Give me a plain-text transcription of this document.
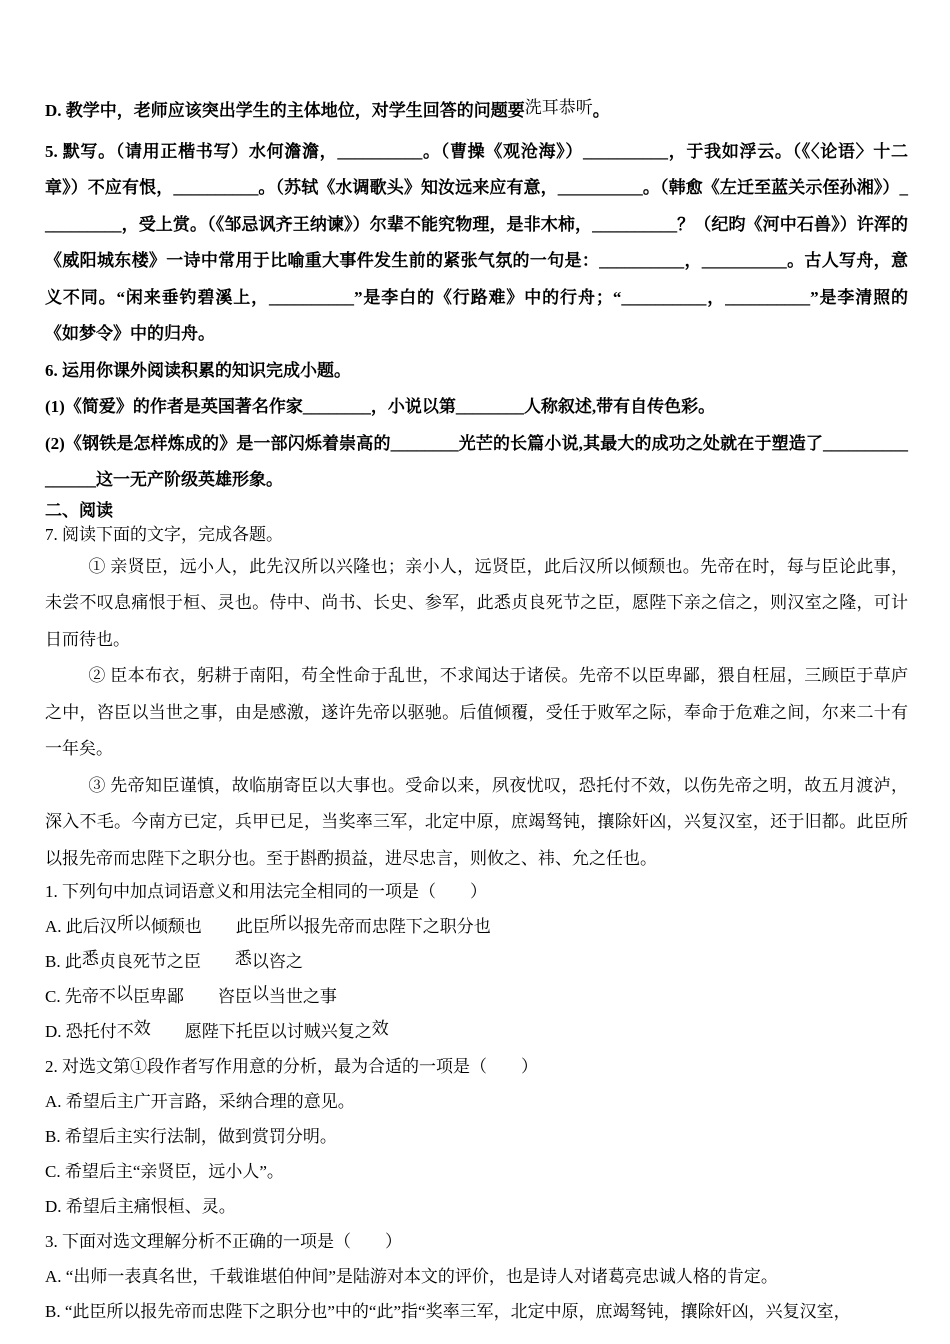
D. 教学中，老师应该突出学生的主体地位，对学生回答的问题要洗耳恭听。

5. 默写。（请用正楷书写）水何澹澹，__________。（曹操《观沧海》）__________，于我如浮云。（《〈论语〉十二章》）不应有恨，__________。（苏轼《水调歌头》知汝远来应有意，__________。（韩愈《左迁至蓝关示侄孙湘》）__________，受上赏。（《邹忌讽齐王纳谏》）尔辈不能究物理，是非木柿，__________？（纪昀《河中石兽》）许浑的《威阳城东楼》一诗中常用于比喻重大事件发生前的紧张气氛的一句是：__________，__________。古人写舟，意义不同。“闲来垂钓碧溪上，__________”是李白的《行路难》中的行舟；“__________，__________”是李清照的《如梦令》中的归舟。

6. 运用你课外阅读积累的知识完成小题。

(1)《简爱》的作者是英国著名作家________，小说以第________人称叙述,带有自传色彩。

(2)《钢铁是怎样炼成的》是一部闪烁着崇高的________光芒的长篇小说,其最大的成功之处就在于塑造了________________这一无产阶级英雄形象。

二、阅读

7. 阅读下面的文字，完成各题。

① 亲贤臣，远小人，此先汉所以兴隆也；亲小人，远贤臣，此后汉所以倾颓也。先帝在时，每与臣论此事，未尝不叹息痛恨于桓、灵也。侍中、尚书、长史、参军，此悉贞良死节之臣，愿陛下亲之信之，则汉室之隆，可计日而待也。

② 臣本布衣，躬耕于南阳，苟全性命于乱世，不求闻达于诸侯。先帝不以臣卑鄙，猥自枉屈，三顾臣于草庐之中，咨臣以当世之事，由是感激，遂许先帝以驱驰。后值倾覆，受任于败军之际，奉命于危难之间，尔来二十有一年矣。

③ 先帝知臣谨慎，故临崩寄臣以大事也。受命以来，夙夜忧叹，恐托付不效，以伤先帝之明，故五月渡泸，深入不毛。今南方已定，兵甲已足，当奖率三军，北定中原，庶竭驽钝，攘除奸凶，兴复汉室，还于旧都。此臣所以报先帝而忠陛下之职分也。至于斟酌损益，进尽忠言，则攸之、祎、允之任也。

1. 下列句中加点词语意义和用法完全相同的一项是（　　）

A. 此后汉所以倾颓也　　此臣所以报先帝而忠陛下之职分也

B. 此悉贞良死节之臣　　悉以咨之

C. 先帝不以臣卑鄙　　咨臣以当世之事

D. 恐托付不效　　愿陛下托臣以讨贼兴复之效

2. 对选文第①段作者写作用意的分析，最为合适的一项是（　　）

A. 希望后主广开言路，采纳合理的意见。

B. 希望后主实行法制，做到赏罚分明。

C. 希望后主“亲贤臣，远小人”。

D. 希望后主痛恨桓、灵。

3. 下面对选文理解分析不正确的一项是（　　）

A. “出师一表真名世，千载谁堪伯仲间”是陆游对本文的评价，也是诗人对诸葛亮忠诚人格的肯定。

B. “此臣所以报先帝而忠陛下之职分也”中的“此”指“奖率三军，北定中原，庶竭驽钝，攘除奸凶，兴复汉室，
